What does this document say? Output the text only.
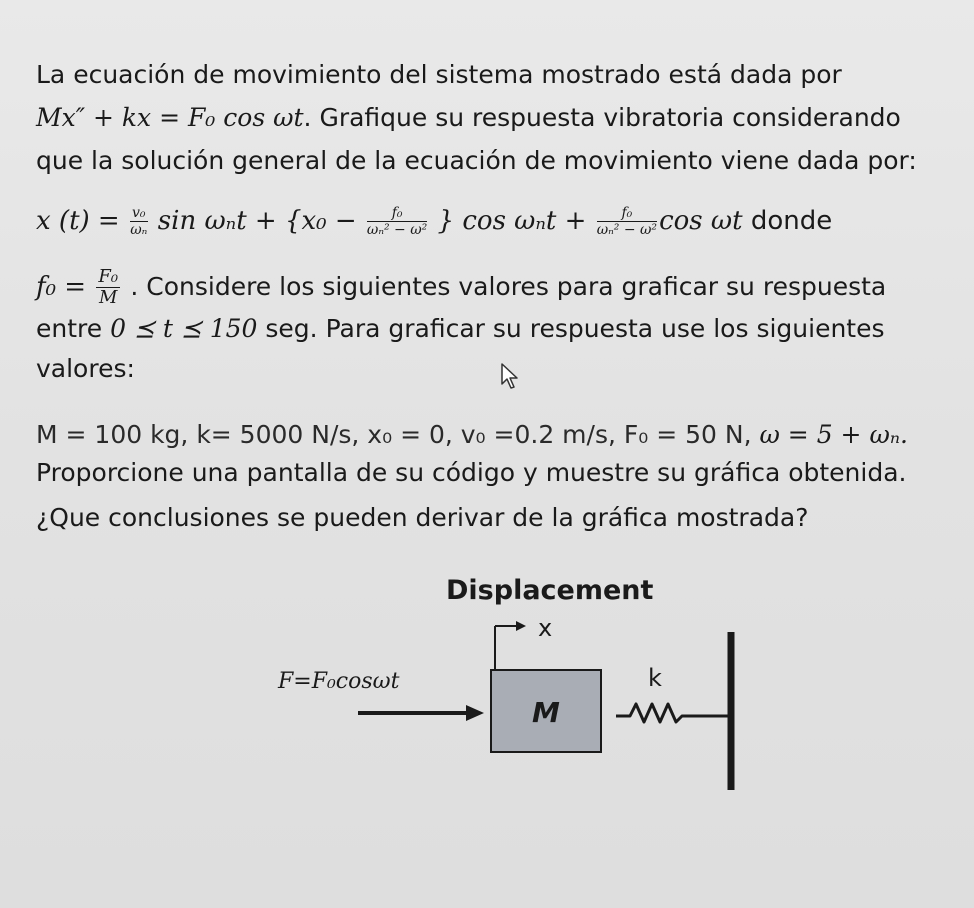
La ecuación de movimiento del sistema mostrado está dada por
Mx″ + kx = F₀ cos ωt. Grafique su respuesta vibratoria considerando
que la solución general de la ecuación de movimiento viene dada por:
x $(t) = \frac{\text{v₀}}{\text{ωₙ}}$ $\sin \omega_nt + \{x_0 - \frac{\text{f₀}}{\text{ωₙ² − ω²}}$ } $\cos \omega_nt + \frac{\text{f₀}}{\text{ωₙ² − ω²}}$ cos ωt donde
$f_0 = \frac{\text{F₀}}{M}$ . Considere los siguientes valores para graficar su respuesta
entre 0 ⪯ t ⪯ 150 seg. Para graficar su respuesta use los siguientes
valores:
M = 100 kg, k= 5000 N/s, x₀ = 0, v₀ =0.2 m/s, F₀ = 50 N, ω = 5 + ωₙ.
Proporcione una pantalla de su código y muestre su gráfica obtenida.
¿Que conclusiones se pueden derivar de la gráfica mostrada?
Displacement
x
F=F₀cosωt
M
k
